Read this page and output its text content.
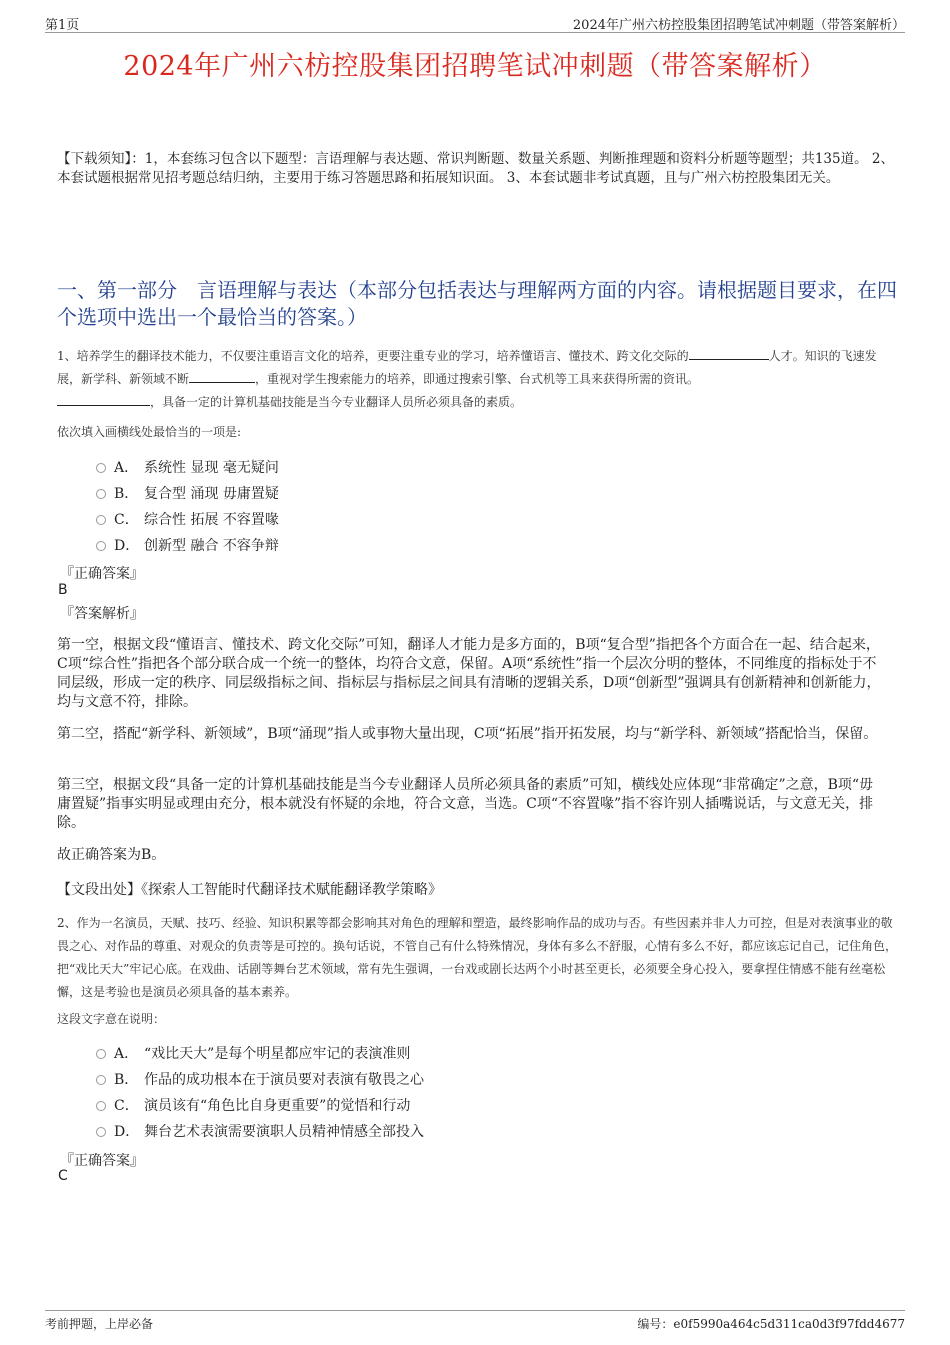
第1页	2024年广州六枋控股集团招聘笔试冲刺题（带答案解析）
2024年广州六枋控股集团招聘笔试冲刺题（带答案解析）
【下载须知】：1，本套练习包含以下题型：言语理解与表达题、常识判断题、数量关系题、判断推理题和资料分析题等题型；共135道。 2、本套试题根据常见招考题总结归纳，主要用于练习答题思路和拓展知识面。 3、本套试题非考试真题，且与广州六枋控股集团无关。
一、第一部分　言语理解与表达（本部分包括表达与理解两方面的内容。请根据题目要求，在四个选项中选出一个最恰当的答案。）
1、培养学生的翻译技术能力，不仅要注重语言文化的培养，更要注重专业的学习，培养懂语言、懂技术、跨文化交际的	人才。知识的飞速发展，新学科、新领域不断	，重视对学生搜索能力的培养，即通过搜索引擎、台式机等工具来获得所需的资讯。
，具备一定的计算机基础技能是当今专业翻译人员所必须具备的素质。
依次填入画横线处最恰当的一项是:
A． 系统性 显现 毫无疑问
B． 复合型 涌现 毋庸置疑
C． 综合性 拓展 不容置喙
D． 创新型 融合 不容争辩
『正确答案』
B
『答案解析』
第一空，根据文段“懂语言、懂技术、跨文化交际”可知，翻译人才能力是多方面的，B项“复合型”指把各个方面合在一起、结合起来，C项“综合性”指把各个部分联合成一个统一的整体，均符合文意，保留。A项“系统性”指一个层次分明的整体，不同维度的指标处于不同层级，形成一定的秩序、同层级指标之间、指标层与指标层之间具有清晰的逻辑关系，D项“创新型”强调具有创新精神和创新能力，均与文意不符，排除。
第二空，搭配“新学科、新领域”，B项“涌现”指人或事物大量出现，C项“拓展”指开拓发展，均与“新学科、新领域”搭配恰当，保留。
第三空，根据文段“具备一定的计算机基础技能是当今专业翻译人员所必须具备的素质”可知，横线处应体现“非常确定”之意，B项“毋庸置疑”指事实明显或理由充分，根本就没有怀疑的余地，符合文意，当选。C项“不容置喙”指不容许别人插嘴说话，与文意无关，排除。
故正确答案为B。
【文段出处】《探索人工智能时代翻译技术赋能翻译教学策略》
2、作为一名演员，天赋、技巧、经验、知识积累等都会影响其对角色的理解和塑造，最终影响作品的成功与否。有些因素并非人力可控，但是对表演事业的敬畏之心、对作品的尊重、对观众的负责等是可控的。换句话说，不管自己有什么特殊情况，身体有多么不舒服，心情有多么不好，都应该忘记自己，记住角色，把“戏比天大”牢记心底。在戏曲、话剧等舞台艺术领域，常有先生强调，一台戏或剧长达两个小时甚至更长，必须要全身心投入，要拿捏住情感不能有丝毫松懈，这是考验也是演员必须具备的基本素养。
这段文字意在说明：
A． “戏比天大”是每个明星都应牢记的表演准则
B． 作品的成功根本在于演员要对表演有敬畏之心
C． 演员该有“角色比自身更重要”的觉悟和行动
D． 舞台艺术表演需要演职人员精神情感全部投入
『正确答案』
C
考前押题，上岸必备	编号：e0f5990a464c5d311ca0d3f97fdd4677
